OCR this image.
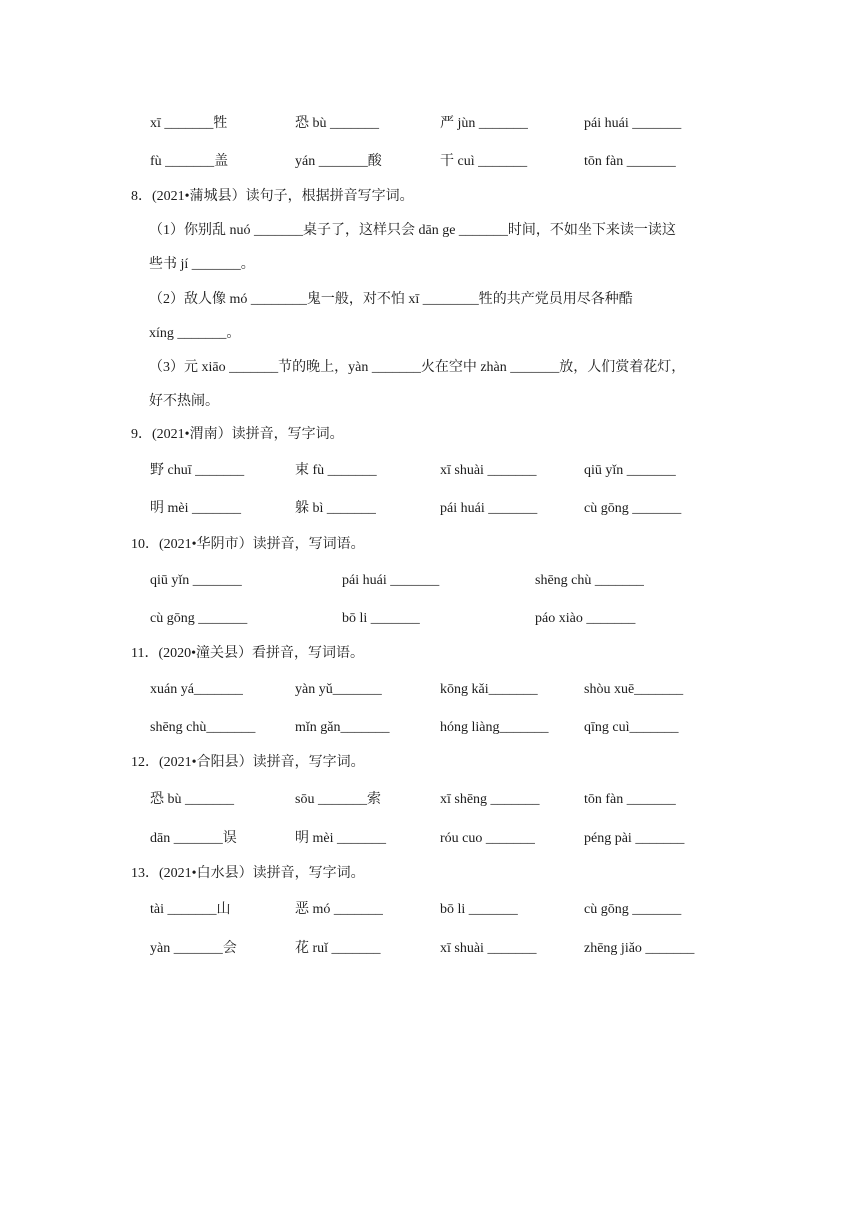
xī _______牲	恐 bù _______	严 jùn _______	pái huái _______
fù _______盖	yán _______酸	干 cuì _______	tōn fàn _______
8．(2021•蒲城县）读句子，根据拼音写字词。
（1）你别乱 nuó _______桌子了，这样只会 dān ge _______时间，不如坐下来读一读这
些书 jí _______。
（2）敌人像 mó ________鬼一般，对不怕 xī ________牲的共产党员用尽各种酷
xíng _______。
（3）元 xiāo _______节的晚上，yàn _______火在空中 zhàn _______放，人们赏着花灯，
好不热闹。
9．(2021•渭南）读拼音，写字词。
野 chuī _______	束 fù _______	xī shuài _______	qiū yǐn _______
明 mèi _______	躲 bì _______	pái huái _______	cù gōng _______
10．(2021•华阴市）读拼音，写词语。
qiū yǐn _______	pái huái _______	shēng chù _______
cù gōng _______	bō li _______	páo xiào _______
11．(2020•潼关县）看拼音，写词语。
xuán yá_______	yàn yǔ_______	kōng kǎi_______	shòu xuē_______
shēng chù_______	mǐn gǎn_______	hóng liàng_______	qīng cuì_______
12．(2021•合阳县）读拼音，写字词。
恐 bù _______	sōu _______索	xī shēng _______	tōn fàn _______
dān _______误	明 mèi _______	róu cuo _______	péng pài _______
13．(2021•白水县）读拼音，写字词。
tài _______山	恶 mó _______	bō li _______	cù gōng _______
yàn _______会	花 ruǐ _______	xī shuài _______	zhēng jiǎo _______
